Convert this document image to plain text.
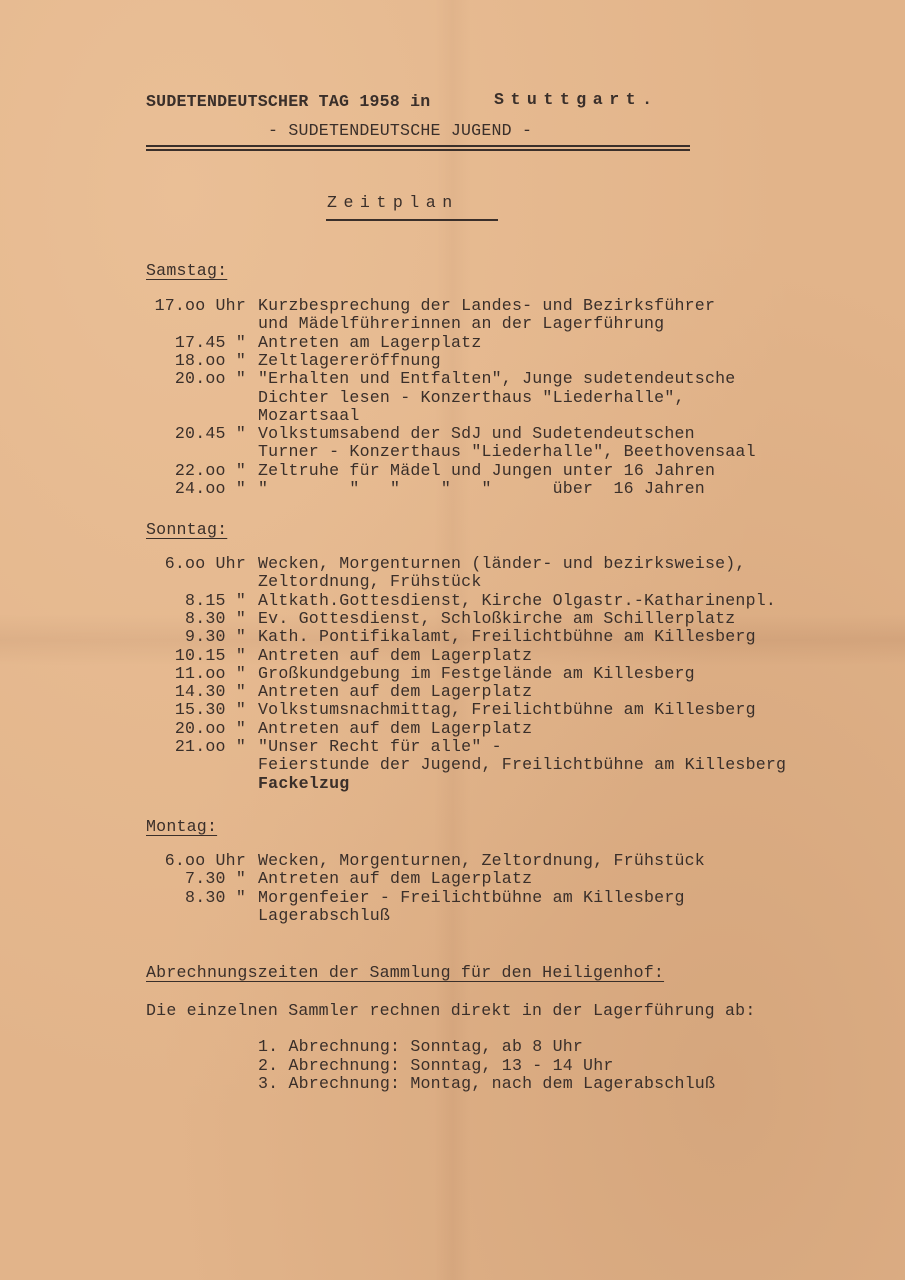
SUDETENDEUTSCHER TAG 1958 in	Stuttgart.
- SUDETENDEUTSCHE JUGEND -
Zeitplan
Samstag:
17.oo Uhr Kurzbesprechung der Landes- und Bezirksführer
und Mädelführerinnen an der Lagerführung
17.45 " Antreten am Lagerplatz
18.oo " Zeltlagereröffnung
20.oo " "Erhalten und Entfalten", Junge sudetendeutsche
Dichter lesen - Konzerthaus "Liederhalle",
Mozartsaal
20.45 " Volkstumsabend der SdJ und Sudetendeutschen
Turner - Konzerthaus "Liederhalle", Beethovensaal
22.oo " Zeltruhe für Mädel und Jungen unter 16 Jahren
24.oo " "        "   "    "   "      über  16 Jahren
Sonntag:
6.oo Uhr Wecken, Morgenturnen (länder- und bezirksweise),
Zeltordnung, Frühstück
8.15 " Altkath.Gottesdienst, Kirche Olgastr.-Katharinenpl.
8.30 " Ev. Gottesdienst, Schloßkirche am Schillerplatz
9.30 " Kath. Pontifikalamt, Freilichtbühne am Killesberg
10.15 " Antreten auf dem Lagerplatz
11.oo " Großkundgebung im Festgelände am Killesberg
14.30 " Antreten auf dem Lagerplatz
15.30 " Volkstumsnachmittag, Freilichtbühne am Killesberg
20.oo " Antreten auf dem Lagerplatz
21.oo " "Unser Recht für alle" -
Feierstunde der Jugend, Freilichtbühne am Killesberg
Fackelzug
Montag:
6.oo Uhr Wecken, Morgenturnen, Zeltordnung, Frühstück
7.30 " Antreten auf dem Lagerplatz
8.30 " Morgenfeier - Freilichtbühne am Killesberg
Lagerabschluß
Abrechnungszeiten der Sammlung für den Heiligenhof:
Die einzelnen Sammler rechnen direkt in der Lagerführung ab:
1. Abrechnung: Sonntag, ab 8 Uhr
2. Abrechnung: Sonntag, 13 - 14 Uhr
3. Abrechnung: Montag, nach dem Lagerabschluß
